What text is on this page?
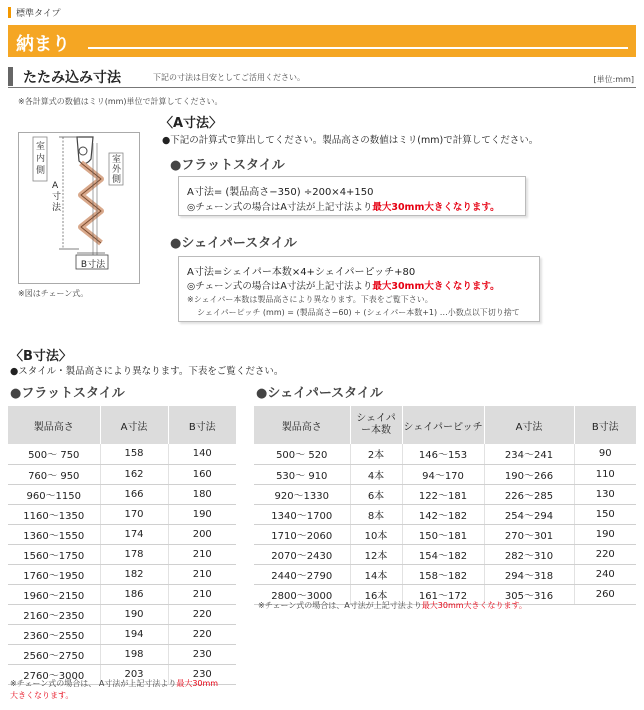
標準タイプ
納まり
たたみ込み寸法	下記の寸法は目安としてご活用ください。	[単位:mm]
※各計算式の数値はミリ(mm)単位で計算してください。
室内側
室外側
A寸法
B寸法
※図はチェーン式。
〈A寸法〉
●下記の計算式で算出してください。製品高さの数値はミリ(mm)で計算してください。
●フラットスタイル
A寸法= (製品高さ−350) ÷200×4+150
◎チェーン式の場合はA寸法が上記寸法より最大30mm大きくなります。
●シェイパースタイル
A寸法=シェイパー本数×4+シェイパーピッチ+80
◎チェーン式の場合はA寸法が上記寸法より最大30mm大きくなります。
※シェイパー本数は製品高さにより異なります。下表をご覧下さい。
シェイパーピッチ (mm) = (製品高さ−60) ÷ (シェイパー本数+1) …小数点以下切り捨て
〈B寸法〉
●スタイル・製品高さにより異なります。下表をご覧ください。
●フラットスタイル	●シェイパースタイル
製品高さ	A寸法	B寸法
500〜 750	158	140
760〜 950	162	160
960〜1150	166	180
1160〜1350	170	190
1360〜1550	174	200
1560〜1750	178	210
1760〜1950	182	210
1960〜2150	186	210
2160〜2350	190	220
2360〜2550	194	220
2560〜2750	198	230
2760〜3000	203	230
製品高さ	シェイパー本数	シェイパーピッチ	A寸法	B寸法
500〜 520	2本	146〜153	234〜241	90
530〜 910	4本	94〜170	190〜266	110
920〜1330	6本	122〜181	226〜285	130
1340〜1700	8本	142〜182	254〜294	150
1710〜2060	10本	150〜181	270〜301	190
2070〜2430	12本	154〜182	282〜310	220
2440〜2790	14本	158〜182	294〜318	240
2800〜3000	16本	161〜172	305〜316	260
※チェーン式の場合は、A寸法が上記寸法より最大30mm大きくなります。
※チェーン式の場合は、 A寸法が上記寸法より最大30mm
大きくなります。
